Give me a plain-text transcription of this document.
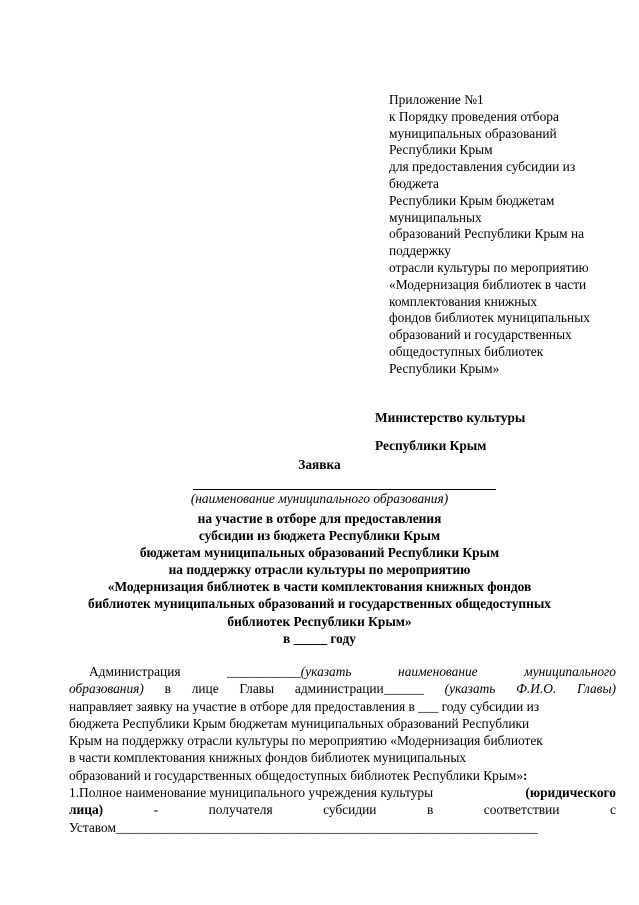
Приложение №1
к Порядку проведения отбора
муниципальных образований
Республики Крым
для предоставления субсидии из
бюджета
Республики Крым бюджетам
муниципальных
образований Республики Крым на
поддержку
отрасли культуры по мероприятию
«Модернизация библиотек в части
комплектования книжных
фондов библиотек муниципальных
образований и государственных
общедоступных библиотек
Республики Крым»
Министерство культуры
Республики Крым
Заявка
(наименование муниципального образования)
на участие в отборе для предоставления
субсидии из бюджета Республики Крым
бюджетам муниципальных образований Республики Крым
на поддержку отрасли культуры по мероприятию
«Модернизация библиотек в части комплектования книжных фондов
библиотек муниципальных образований и государственных общедоступных
библиотек Республики Крым»
в _____ году
Администрация	___________(указать	наименование	муниципального
образования) в лице Главы администрации______ (указать Ф.И.О. Главы)
направляет заявку на участие в отборе для предоставления в ___ году субсидии из
бюджета Республики Крым бюджетам муниципальных образований Республики
Крым на поддержку отрасли культуры по мероприятию «Модернизация библиотек
в части комплектования книжных фондов библиотек муниципальных
образований и государственных общедоступных библиотек Республики Крым» :
1.Полное наименование муниципального учреждения культуры	(юридического
лица)	-	получателя	субсидии	в	соответствии	с
Уставом_______________________________________________________________
